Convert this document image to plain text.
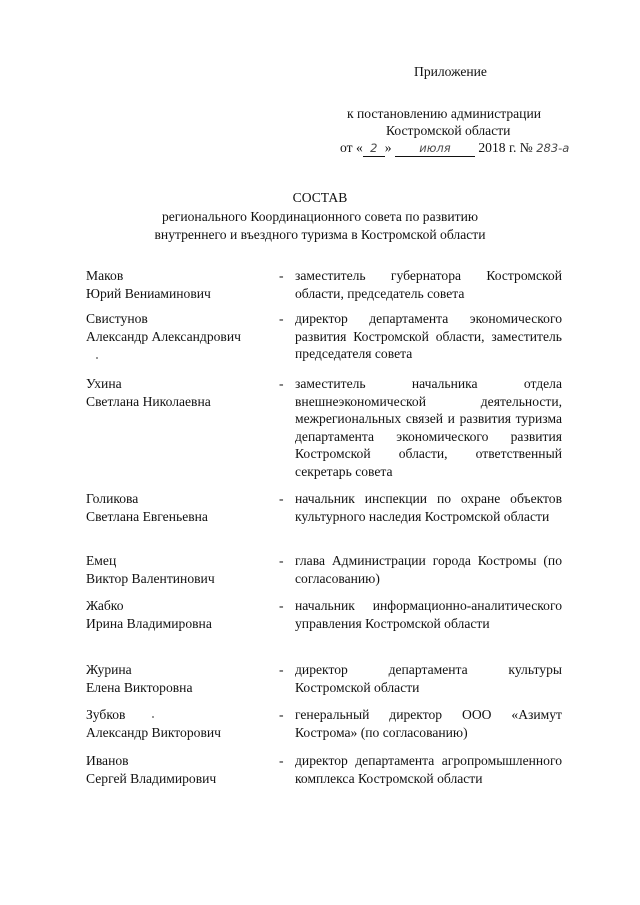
Приложение
к постановлению администрации
Костромской области
от « 2 » июля 2018 г. № 283-а
СОСТАВ
регионального Координационного совета по развитию
внутреннего и въездного туризма в Костромской области
Маков
Юрий Вениаминович
- заместитель губернатора Костромской области, председатель совета
Свистунов
Александр Александрович
- директор департамента экономического развития Костромской области, заместитель председателя совета
Ухина
Светлана Николаевна
- заместитель начальника отдела внешнеэкономической деятельности, межрегиональных связей и развития туризма департамента экономического развития Костромской области, ответственный секретарь совета
Голикова
Светлана Евгеньевна
- начальник инспекции по охране объектов культурного наследия Костромской области
Емец
Виктор Валентинович
- глава Администрации города Костромы (по согласованию)
Жабко
Ирина Владимировна
- начальник информационно-аналитического управления Костромской области
Журина
Елена Викторовна
- директор департамента культуры Костромской области
Зубков
Александр Викторович
- генеральный директор ООО «Азимут Кострома» (по согласованию)
Иванов
Сергей Владимирович
- директор департамента агропромышленного комплекса Костромской области
